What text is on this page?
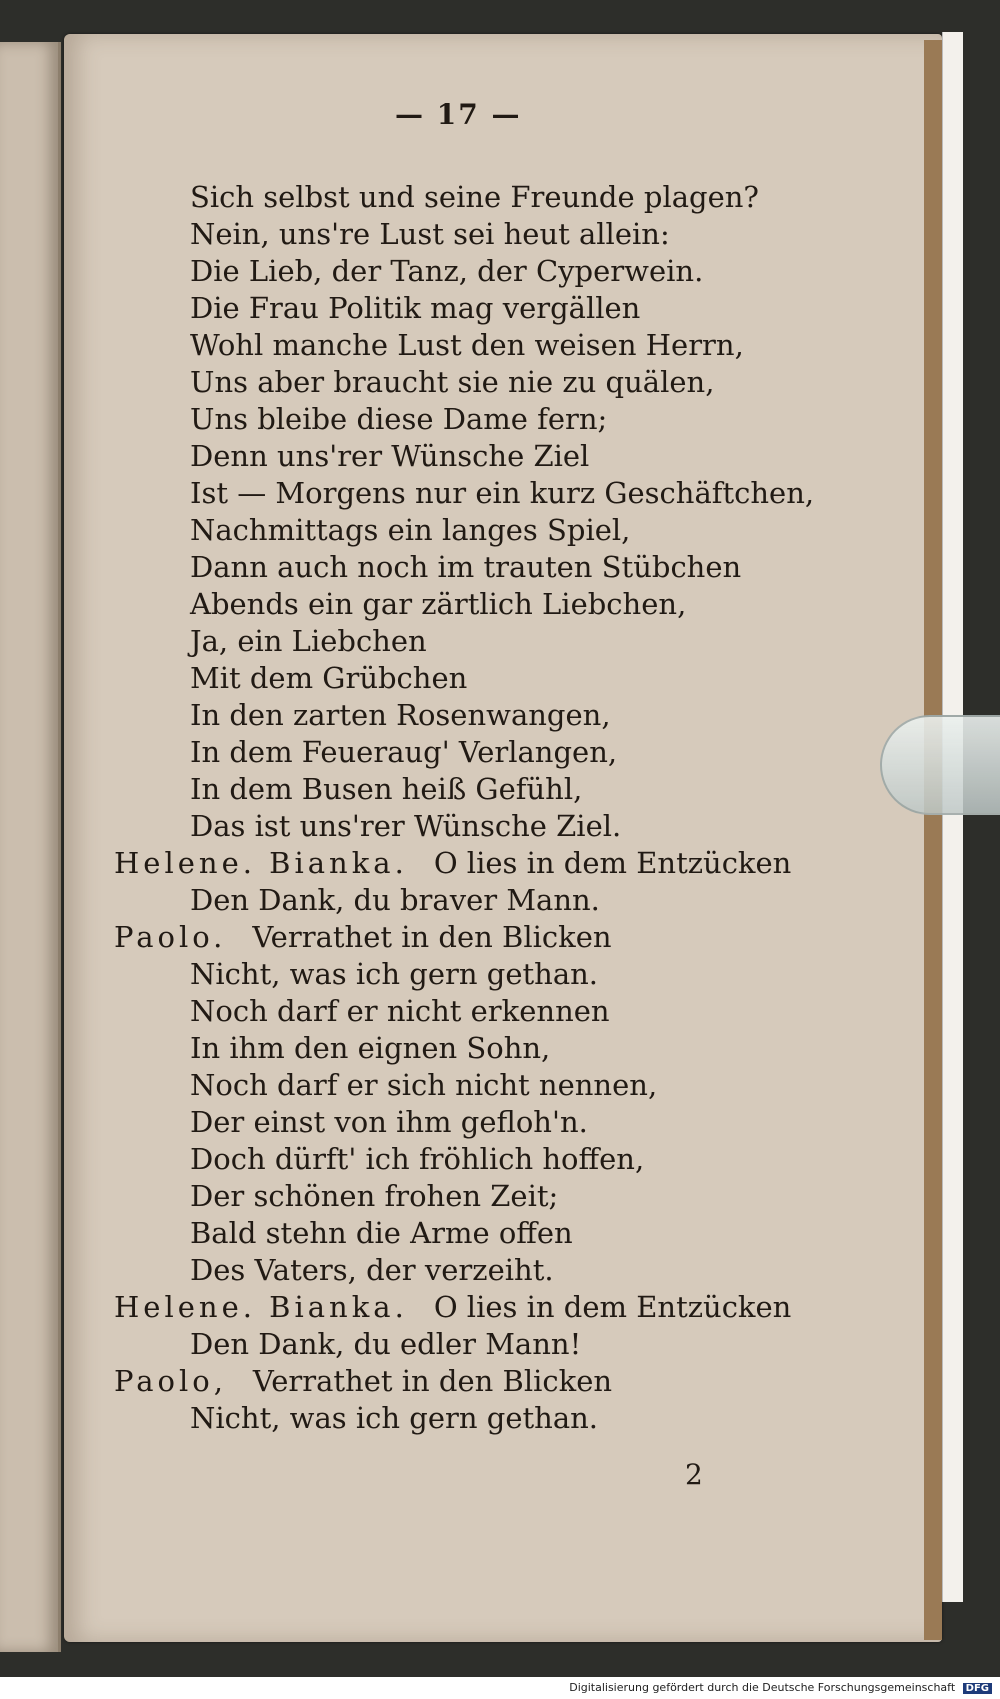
— 17 —
Sich selbst und seine Freunde plagen?
Nein, uns're Lust sei heut allein:
Die Lieb, der Tanz, der Cyperwein.
Die Frau Politik mag vergällen
Wohl manche Lust den weisen Herrn,
Uns aber braucht sie nie zu quälen,
Uns bleibe diese Dame fern;
Denn uns'rer Wünsche Ziel
Ist — Morgens nur ein kurz Geschäftchen,
Nachmittags ein langes Spiel,
Dann auch noch im trauten Stübchen
Abends ein gar zärtlich Liebchen,
Ja, ein Liebchen
Mit dem Grübchen
In den zarten Rosenwangen,
In dem Feueraug' Verlangen,
In dem Busen heiß Gefühl,
Das ist uns'rer Wünsche Ziel.
Helene. Bianka. O lies in dem Entzücken
Den Dank, du braver Mann.
Paolo. Verrathet in den Blicken
Nicht, was ich gern gethan.
Noch darf er nicht erkennen
In ihm den eignen Sohn,
Noch darf er sich nicht nennen,
Der einst von ihm gefloh'n.
Doch dürft' ich fröhlich hoffen,
Der schönen frohen Zeit;
Bald stehn die Arme offen
Des Vaters, der verzeiht.
Helene. Bianka. O lies in dem Entzücken
Den Dank, du edler Mann!
Paolo, Verrathet in den Blicken
Nicht, was ich gern gethan.
2
Digitalisierung gefördert durch die Deutsche Forschungsgemeinschaft DFG
